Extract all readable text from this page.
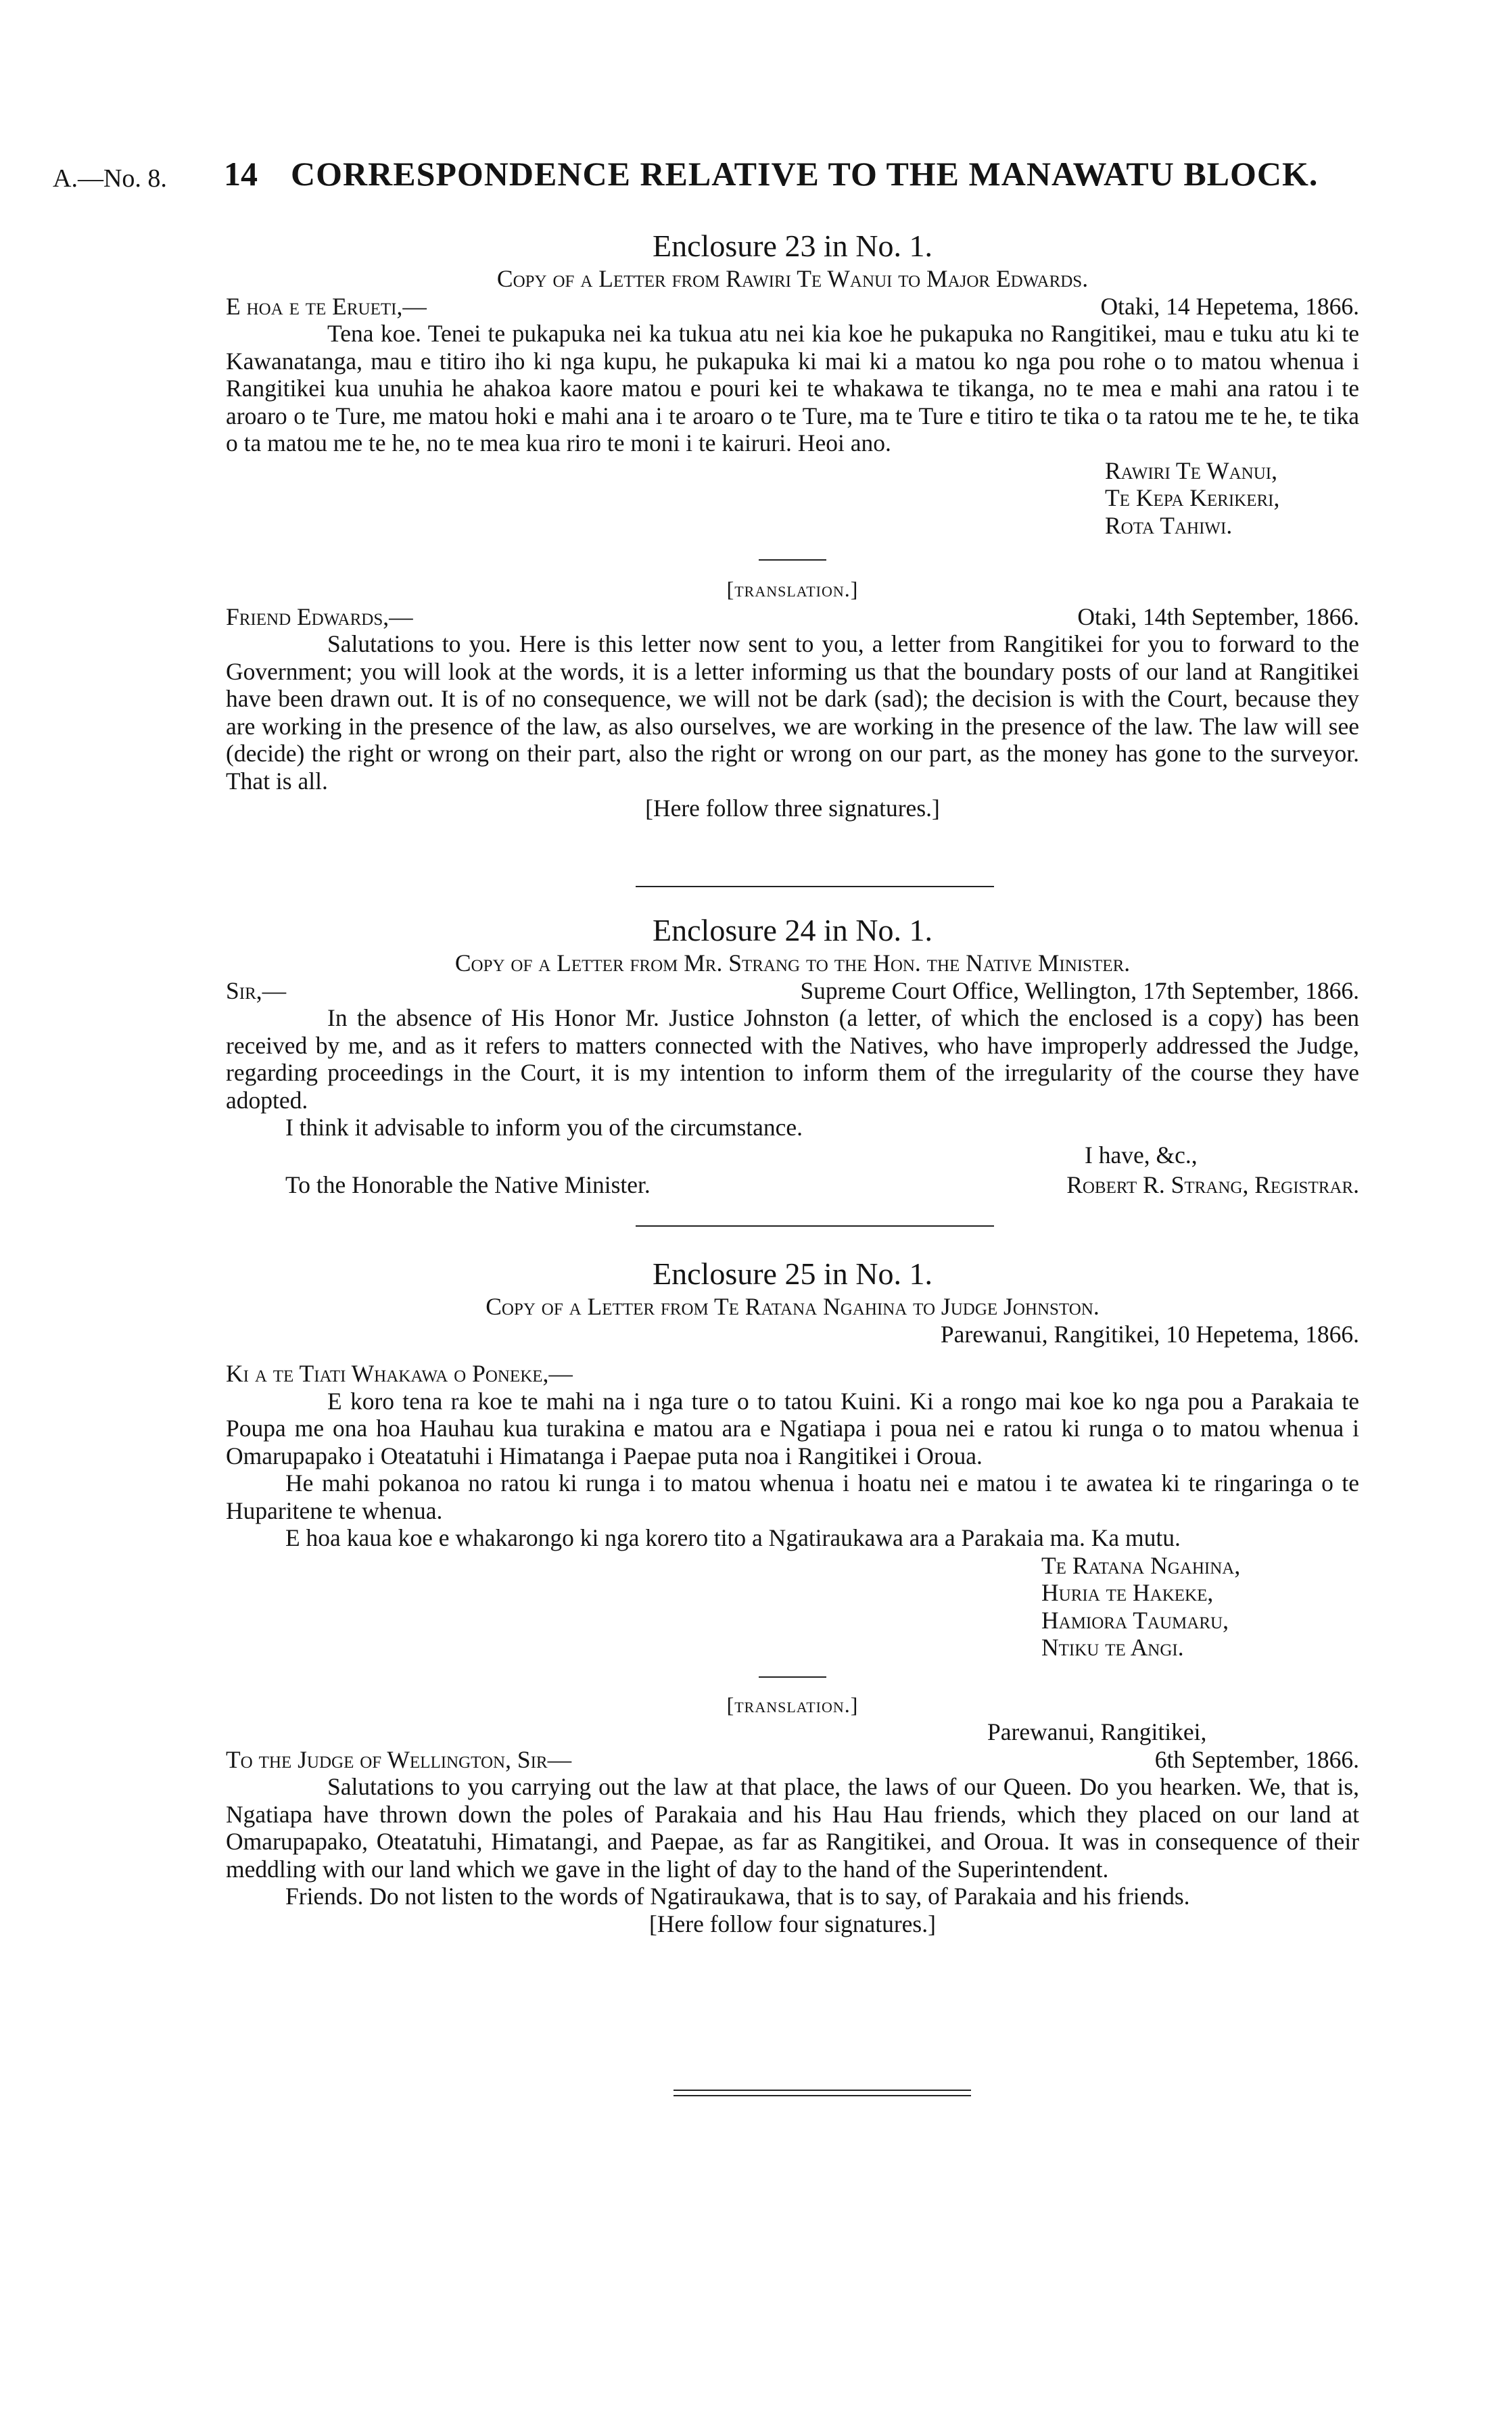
A.—No. 8. 14 CORRESPONDENCE RELATIVE TO THE MANAWATU BLOCK.
Enclosure 23 in No. 1.
Copy of a Letter from Rawiri Te Wanui to Major Edwards.
E hoa e te Erueti,—	Otaki, 14 Hepetema, 1866.

Tena koe. Tenei te pukapuka nei ka tukua atu nei kia koe he pukapuka no Rangitikei, mau e tuku atu ki te Kawanatanga, mau e titiro iho ki nga kupu, he pukapuka ki mai ki a matou ko nga pou rohe o to matou whenua i Rangitikei kua unuhia he ahakoa kaore matou e pouri kei te whakawa te tikanga, no te mea e mahi ana ratou i te aroaro o te Ture, me matou hoki e mahi ana i te aroaro o te Ture, ma te Ture e titiro te tika o ta ratou me te he, te tika o ta matou me te he, no te mea kua riro te moni i te kairuri. Heoi ano.

Rawiri Te Wanui,
Te Kepa Kerikeri,
Rota Tahiwi.
[translation.]
Friend Edwards,—	Otaki, 14th September, 1866.

Salutations to you. Here is this letter now sent to you, a letter from Rangitikei for you to forward to the Government; you will look at the words, it is a letter informing us that the boundary posts of our land at Rangitikei have been drawn out. It is of no consequence, we will not be dark (sad); the decision is with the Court, because they are working in the presence of the law, as also ourselves, we are working in the presence of the law. The law will see (decide) the right or wrong on their part, also the right or wrong on our part, as the money has gone to the surveyor. That is all.

[Here follow three signatures.]
Enclosure 24 in No. 1.
Copy of a Letter from Mr. Strang to the Hon. the Native Minister.
Sir,—	Supreme Court Office, Wellington, 17th September, 1866.

In the absence of His Honor Mr. Justice Johnston (a letter, of which the enclosed is a copy) has been received by me, and as it refers to matters connected with the Natives, who have improperly addressed the Judge, regarding proceedings in the Court, it is my intention to inform them of the irregularity of the course they have adopted.

I think it advisable to inform you of the circumstance.

I have, &c.,
To the Honorable the Native Minister.	Robert R. Strang, Registrar.
Enclosure 25 in No. 1.
Copy of a Letter from Te Ratana Ngahina to Judge Johnston.
Parewanui, Rangitikei, 10 Hepetema, 1866.
Ki a te Tiati Whakawa o Poneke,—

E koro tena ra koe te mahi na i nga ture o to tatou Kuini. Ki a rongo mai koe ko nga pou a Parakaia te Poupa me ona hoa Hauhau kua turakina e matou ara e Ngatiapa i poua nei e ratou ki runga o to matou whenua i Omarupapako i Oteatatuhi i Himatanga i Paepae puta noa i Rangitikei i Oroua.

He mahi pokanoa no ratou ki runga i to matou whenua i hoatu nei e matou i te awatea ki te ringaringa o te Huparitene te whenua.

E hoa kaua koe e whakarongo ki nga korero tito a Ngatiraukawa ara a Parakaia ma. Ka mutu.

Te Ratana Ngahina,
Huria te Hakeke,
Hamiora Taumaru,
Ntiku te Angi.
[translation.]
Parewanui, Rangitikei,
To the Judge of Wellington, Sir—	6th September, 1866.

Salutations to you carrying out the law at that place, the laws of our Queen. Do you hearken. We, that is, Ngatiapa have thrown down the poles of Parakaia and his Hau Hau friends, which they placed on our land at Omarupapako, Oteatatuhi, Himatangi, and Paepae, as far as Rangitikei, and Oroua. It was in consequence of their meddling with our land which we gave in the light of day to the hand of the Superintendent.

Friends. Do not listen to the words of Ngatiraukawa, that is to say, of Parakaia and his friends.

[Here follow four signatures.]
